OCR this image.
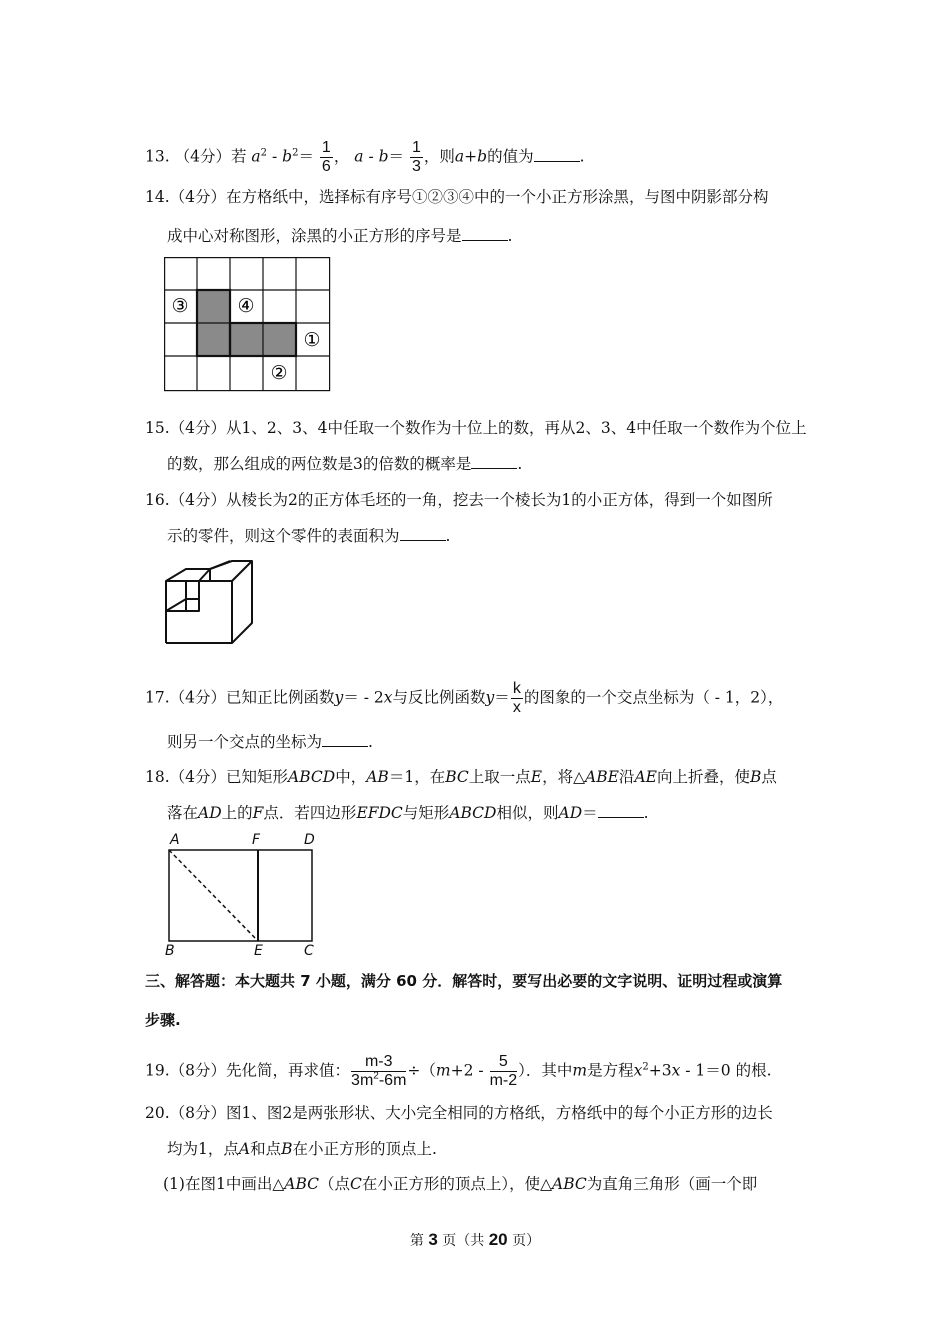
13. （4分）若 $a^2 - b^2= \frac{1}{6}$ ， $a - b= \frac{1}{3}$ ，则a+b的值为	.
14.（4分）在方格纸中，选择标有序号①②③④中的一个小正方形涂黑，与图中阴影部分构
成中心对称图形，涂黑的小正方形的序号是	.
③	④
①
②
15.（4分）从1、2、3、4中任取一个数作为十位上的数，再从2、3、4中任取一个数作为个位上
的数，那么组成的两位数是3的倍数的概率是	.
16.（4分）从棱长为2的正方体毛坯的一角，挖去一个棱长为1的小正方体，得到一个如图所
示的零件，则这个零件的表面积为	.
17.（4分）已知正比例函数y＝ - 2x与反比例函数$y= \frac{k}{x}$ 的图象的一个交点坐标为（ - 1，2），
则另一个交点的坐标为	.
18.（4分）已知矩形ABCD中，AB＝1，在BC上取一点E，将△ABE沿AE向上折叠，使B点
落在AD上的F点．若四边形EFDC与矩形ABCD相似，则AD＝	.
A	F	D
B	E	C
三、解答题：本大题共 7 小题，满分 60 分．解答时，要写出必要的文字说明、证明过程或演算
步骤.
19.（8分）先化简，再求值： $\frac{m-3}{3m^2-6m} \div(m+2 - \frac{5}{m-2}$ ）．其中m是方程$x^2+3x - 1=0$ 的根.
20.（8分）图1、图2是两张形状、大小完全相同的方格纸，方格纸中的每个小正方形的边长
均为1，点A和点B在小正方形的顶点上.
(1)在图1中画出△ABC（点C在小正方形的顶点上），使△ABC为直角三角形（画一个即
第 3 页（共 20 页）
